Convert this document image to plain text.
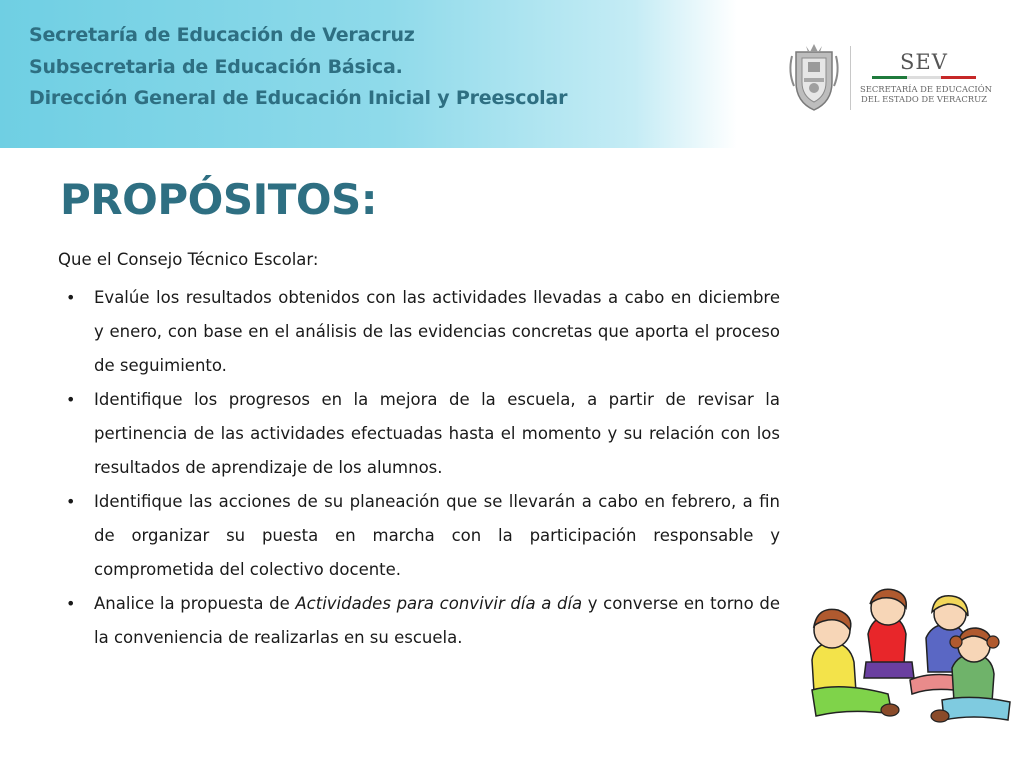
Secretaría de Educación de Veracruz
Subsecretaria de Educación Básica.
Dirección General de Educación Inicial y Preescolar
SEV
SECRETARÍA DE EDUCACIÓN
DEL ESTADO DE VERACRUZ
PROPÓSITOS:
Que el Consejo Técnico Escolar:
• Evalúe los resultados obtenidos con las actividades llevadas a cabo en diciembre y enero, con base en el análisis de las evidencias concretas que aporta el proceso de seguimiento.
• Identifique los progresos en la mejora de la escuela, a partir de revisar la pertinencia de las actividades efectuadas hasta el momento y su relación con los resultados de aprendizaje de los alumnos.
• Identifique las acciones de su planeación que se llevarán a cabo en febrero, a fin de organizar su puesta en marcha con la participación responsable y comprometida del colectivo docente.
• Analice la propuesta de Actividades para convivir día a día y converse en torno de la conveniencia de realizarlas en su escuela.
